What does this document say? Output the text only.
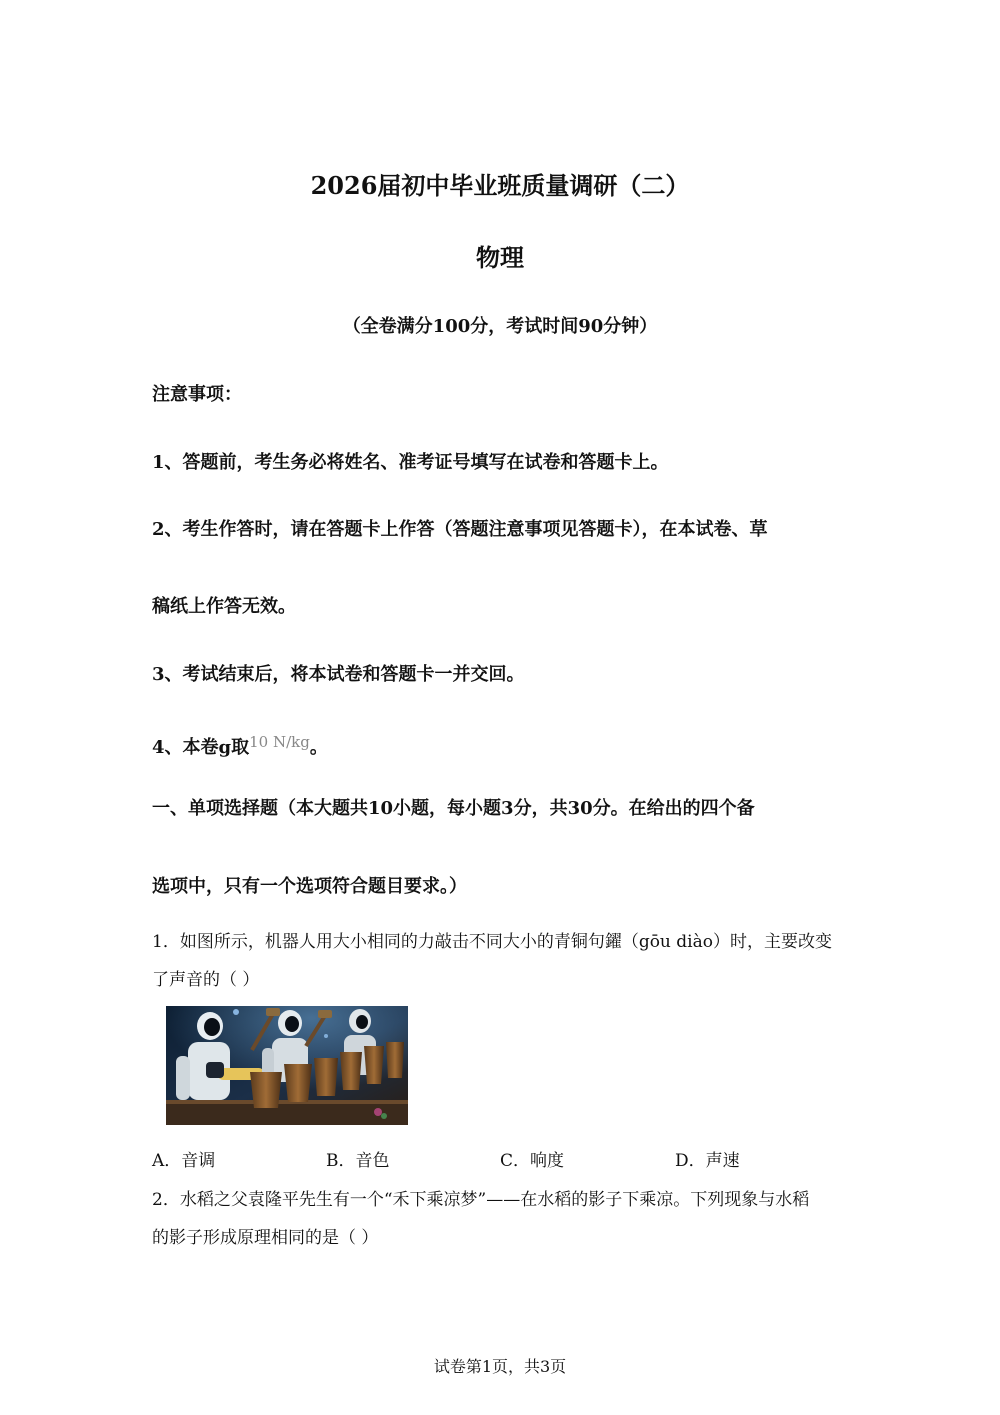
2026届初中毕业班质量调研（二）
物理
（全卷满分100分，考试时间90分钟）
注意事项：
1、答题前，考生务必将姓名、准考证号填写在试卷和答题卡上。
2、考生作答时，请在答题卡上作答（答题注意事项见答题卡），在本试卷、草
稿纸上作答无效。
3、考试结束后，将本试卷和答题卡一并交回。
4、本卷g取$^{10 N/kg}$。
一、单项选择题（本大题共10小题，每小题3分，共30分。在给出的四个备
选项中，只有一个选项符合题目要求。）
1．如图所示，机器人用大小相同的力敲击不同大小的青铜句鑃（gōu diào）时，主要改变
了声音的（ ）
A．音调	B．音色	C．响度	D．声速
2．水稻之父袁隆平先生有一个“禾下乘凉梦”——在水稻的影子下乘凉。下列现象与水稻
的影子形成原理相同的是（ ）
试卷第1页，共3页
